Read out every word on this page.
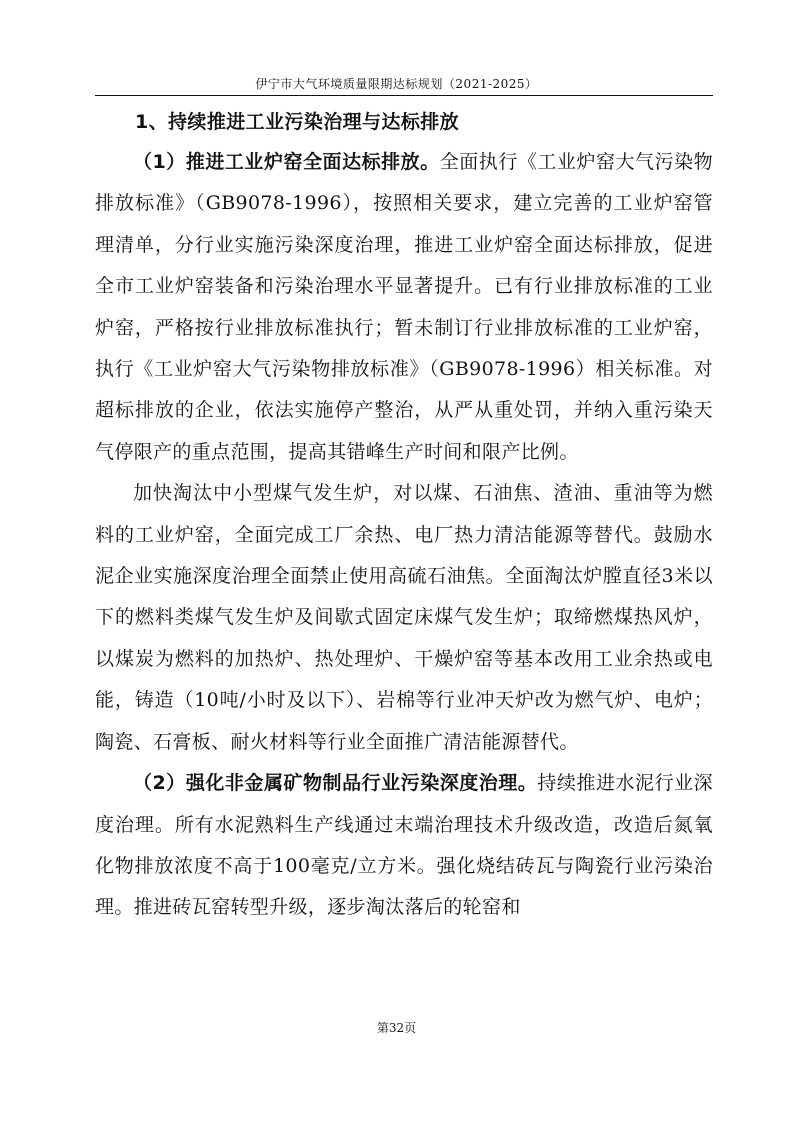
伊宁市大气环境质量限期达标规划（2021-2025）
1、持续推进工业污染治理与达标排放

（1）推进工业炉窑全面达标排放。全面执行《工业炉窑大气污染物排放标准》（GB9078-1996），按照相关要求，建立完善的工业炉窑管理清单，分行业实施污染深度治理，推进工业炉窑全面达标排放，促进全市工业炉窑装备和污染治理水平显著提升。已有行业排放标准的工业炉窑，严格按行业排放标准执行；暂未制订行业排放标准的工业炉窑，执行《工业炉窑大气污染物排放标准》（GB9078-1996）相关标准。对超标排放的企业，依法实施停产整治，从严从重处罚，并纳入重污染天气停限产的重点范围，提高其错峰生产时间和限产比例。

加快淘汰中小型煤气发生炉，对以煤、石油焦、渣油、重油等为燃料的工业炉窑，全面完成工厂余热、电厂热力清洁能源等替代。鼓励水泥企业实施深度治理全面禁止使用高硫石油焦。全面淘汰炉膛直径3米以下的燃料类煤气发生炉及间歇式固定床煤气发生炉；取缔燃煤热风炉，以煤炭为燃料的加热炉、热处理炉、干燥炉窑等基本改用工业余热或电能，铸造（10吨/小时及以下）、岩棉等行业冲天炉改为燃气炉、电炉；陶瓷、石膏板、耐火材料等行业全面推广清洁能源替代。

（2）强化非金属矿物制品行业污染深度治理。持续推进水泥行业深度治理。所有水泥熟料生产线通过末端治理技术升级改造，改造后氮氧化物排放浓度不高于100毫克/立方米。强化烧结砖瓦与陶瓷行业污染治理。推进砖瓦窑转型升级，逐步淘汰落后的轮窑和

第32页
